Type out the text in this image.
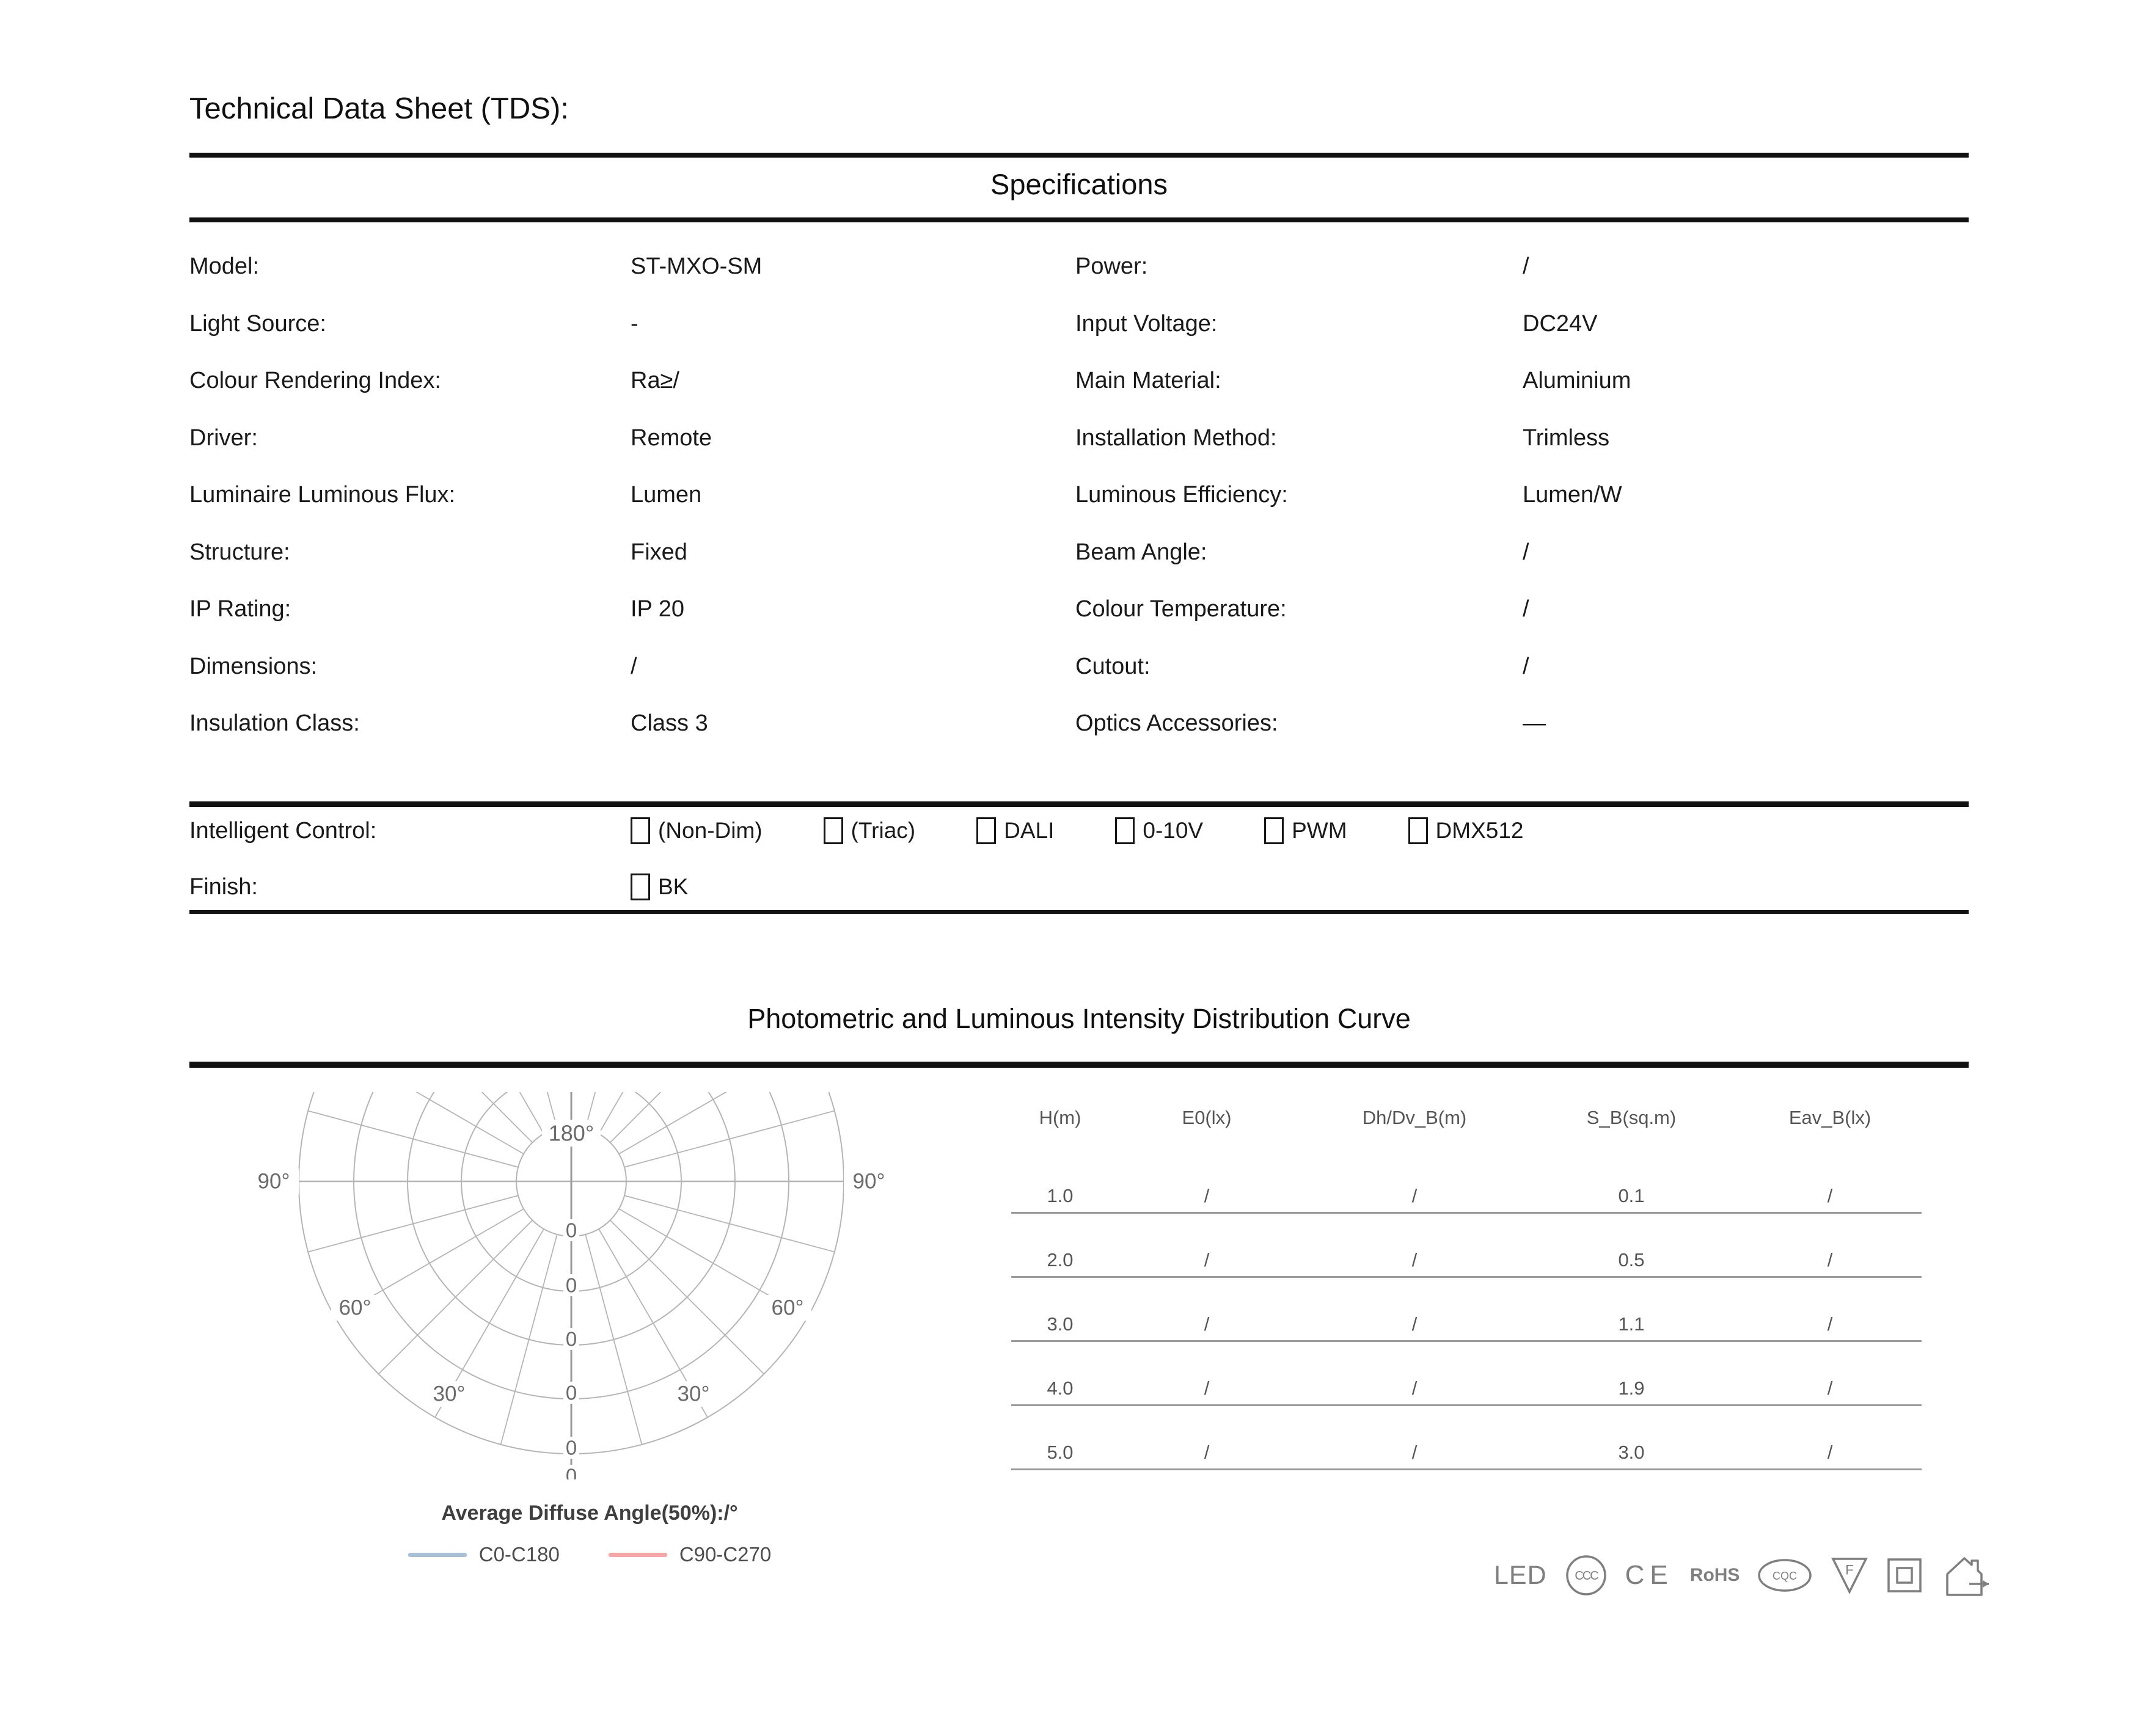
Technical Data Sheet (TDS):
Specifications
Model:	ST-MXO-SM
Light Source:	-
Colour Rendering Index:	Ra≥/
Driver:	Remote
Luminaire Luminous Flux:	Lumen
Structure:	Fixed
IP Rating:	IP 20
Dimensions:	/
Insulation Class:	Class 3
Power:	/
Input Voltage:	DC24V
Main Material:	Aluminium
Installation Method:	Trimless
Luminous Efficiency:	Lumen/W
Beam Angle:	/
Colour Temperature:	/
Cutout:	/
Optics Accessories:	—
Intelligent Control:	(Non-Dim)	(Triac)	DALI	0-10V	PWM	DMX512
Finish:	BK
Photometric and Luminous Intensity Distribution Curve
180°
90°	90°
60°	60°
30°	30°
0
0
0
0
0
0
Average Diffuse Angle(50%):/°
C0-C180	C90-C270
H(m)	E0(lx)	Dh/Dv_B(m)	S_B(sq.m)	Eav_B(lx)
1.0	/	/	0.1	/
2.0	/	/	0.5	/
3.0	/	/	1.1	/
4.0	/	/	1.9	/
5.0	/	/	3.0	/
LED CCC CE RoHS	CQC	F
